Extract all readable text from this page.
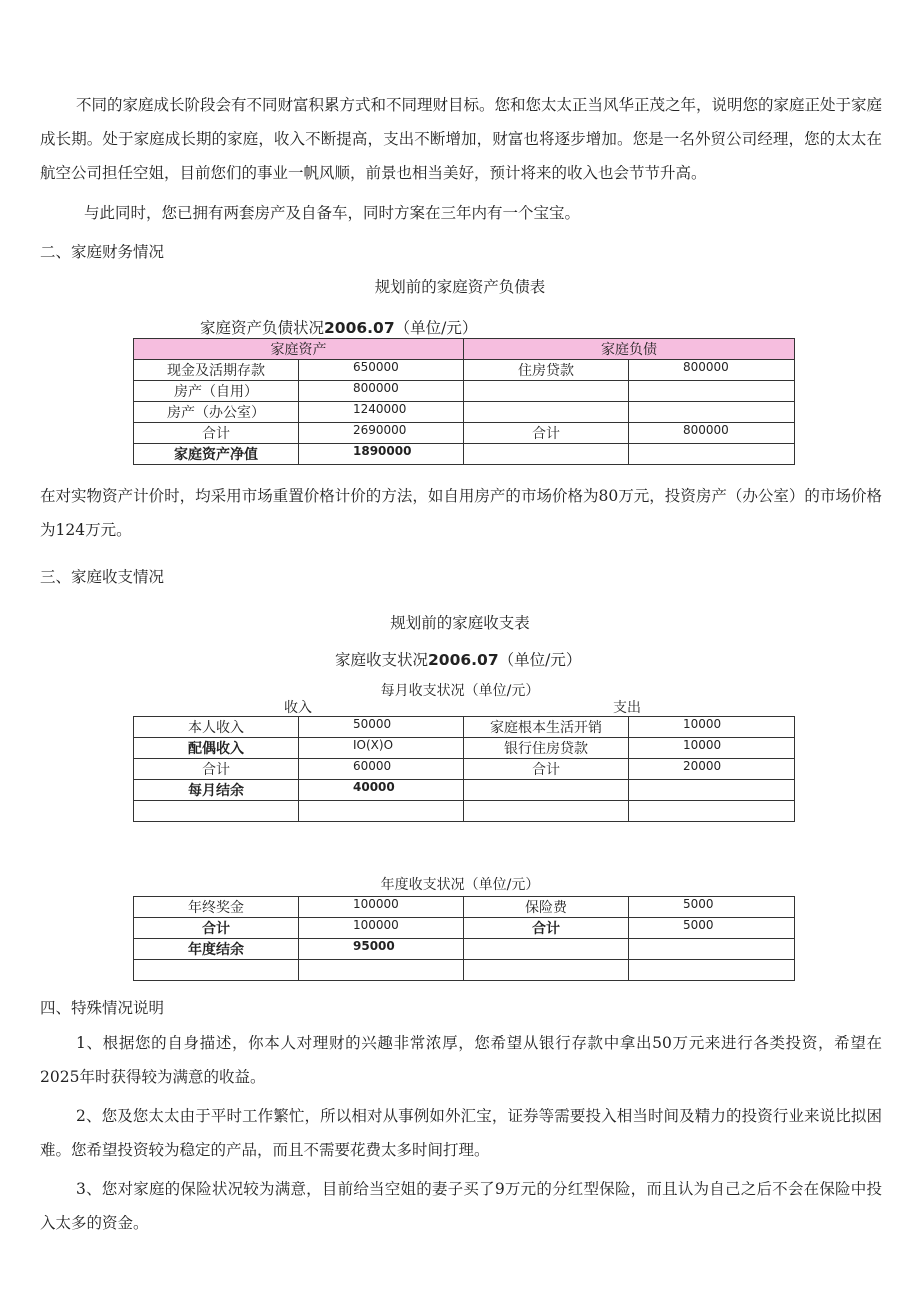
不同的家庭成长阶段会有不同财富积累方式和不同理财目标。您和您太太正当风华正茂之年，说明您的家庭正处于家庭成长期。处于家庭成长期的家庭，收入不断提高，支出不断增加，财富也将逐步增加。您是一名外贸公司经理，您的太太在航空公司担任空姐，目前您们的事业一帆风顺，前景也相当美好，预计将来的收入也会节节升高。

与此同时，您已拥有两套房产及自备车，同时方案在三年内有一个宝宝。

二、家庭财务情况

规划前的家庭资产负债表

家庭资产负债状况2006.07（单位/元）
家庭资产		家庭负债	
现金及活期存款	650000	住房贷款	800000
房产（自用）	800000		
房产（办公室）	1240000		
合计	2690000	合计	800000
家庭资产净值	1890000		

在对实物资产计价时，均采用市场重置价格计价的方法，如自用房产的市场价格为80万元，投资房产（办公室）的市场价格为124万元。

三、家庭收支情况

规划前的家庭收支表

家庭收支状况2006.07（单位/元）

每月收支状况（单位/元）

收入	支出
本人收入	50000	家庭根本生活开销	10000
配偶收入	IO(X)O	银行住房贷款	10000
合计	60000	合计	20000
每月结余	40000		

年度收支状况（单位/元）

年终奖金	100000	保险费	5000
合计	100000	合计	5000
年度结余	95000		

四、特殊情况说明

1、根据您的自身描述，你本人对理财的兴趣非常浓厚，您希望从银行存款中拿出50万元来进行各类投资，希望在2025年时获得较为满意的收益。

2、您及您太太由于平时工作繁忙，所以相对从事例如外汇宝，证券等需要投入相当时间及精力的投资行业来说比拟困难。您希望投资较为稳定的产品，而且不需要花费太多时间打理。

3、您对家庭的保险状况较为满意，目前给当空姐的妻子买了9万元的分红型保险，而且认为自己之后不会在保险中投入太多的资金。
